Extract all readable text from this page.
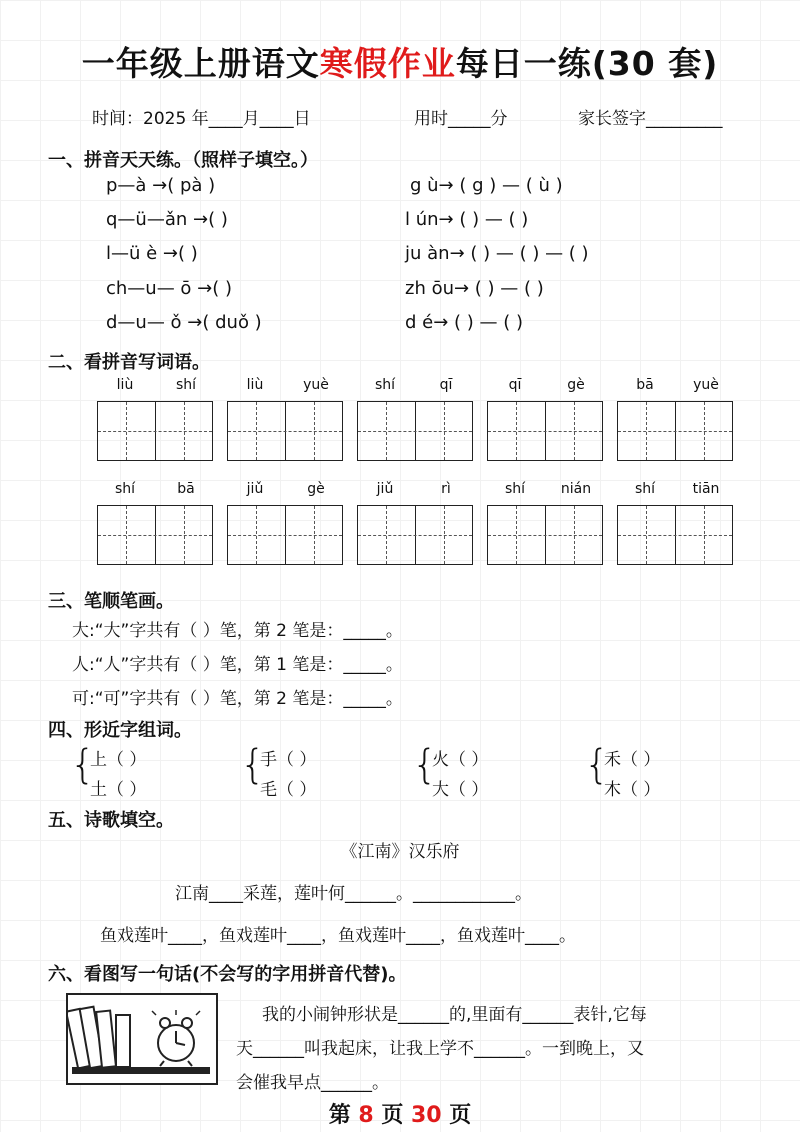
一年级上册语文寒假作业每日一练(30 套)
时间：2025 年____月____日	用时_____分	家长签字_________
一、拼音天天练。（照样子填空。）
p—à →( pà )
q—ü—ǎn →( )
l—ü è →( )
ch—u— ō →( )
d—u— ǒ →( duǒ )
g ù→ ( g ) — ( ù )
l ún→ ( ) — ( )
ju àn→ ( ) — ( ) — ( )
zh ōu→ ( ) — ( )
d é→ ( ) — ( )
二、看拼音写词语。
liù	shí	liù	yuè	shí	qī	qī	gè	bā	yuè
shí	bā	jiǔ	gè	jiǔ	rì	shí	nián	shí	tiān
三、笔顺笔画。
大:“大”字共有（ ）笔，第 2 笔是：_____。
人:“人”字共有（ ）笔，第 1 笔是：_____。
可:“可”字共有（ ）笔，第 2 笔是：_____。
四、形近字组词。
{
上（ ）
土（ ）
{
手（ ）
毛（ ）
{
火（ ）
大（ ）
{
禾（ ）
木（ ）
五、诗歌填空。
《江南》汉乐府
江南____采莲，莲叶何______。____________。
鱼戏莲叶____，鱼戏莲叶____，鱼戏莲叶____，鱼戏莲叶____。
六、看图写一句话(不会写的字用拼音代替)。
我的小闹钟形状是______的,里面有______表针,它每
天______叫我起床，让我上学不______。一到晚上，又
会催我早点______。
第 8 页 30 页
